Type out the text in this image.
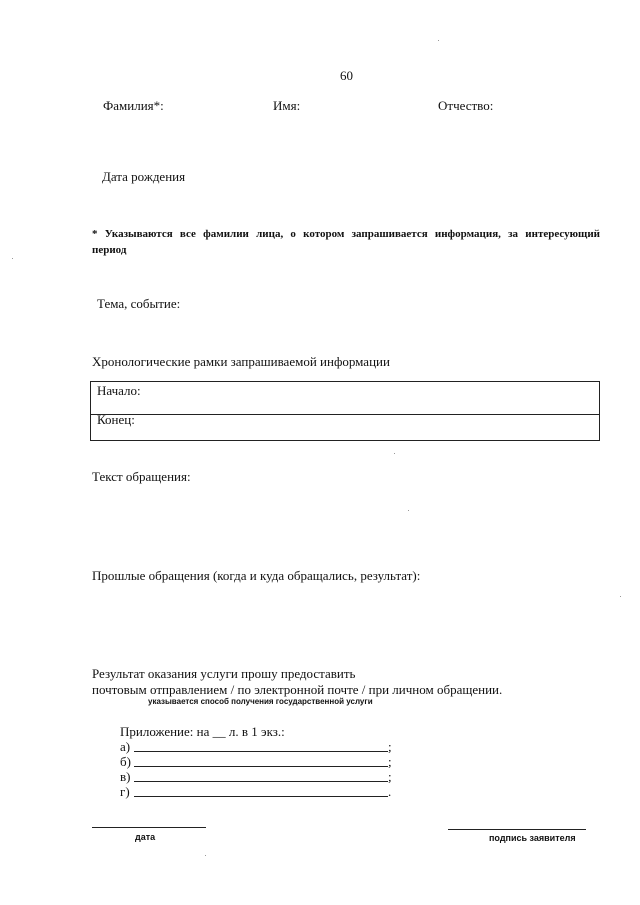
60
Фамилия*:	Имя:	Отчество:
Дата рождения
* Указываются все фамилии лица, о котором запрашивается информация, за интересующий
период
Тема, событие:
Хронологические рамки запрашиваемой информации
Начало:
Конец:
Текст обращения:
Прошлые обращения (когда и куда обращались, результат):
Результат оказания услуги прошу предоставить
почтовым отправлением / по электронной почте / при личном обращении.
указывается способ получения государственной услуги
Приложение: на __ л. в 1 экз.:
а)	;
б)	;
в)	;
г)	.
дата	подпись заявителя
